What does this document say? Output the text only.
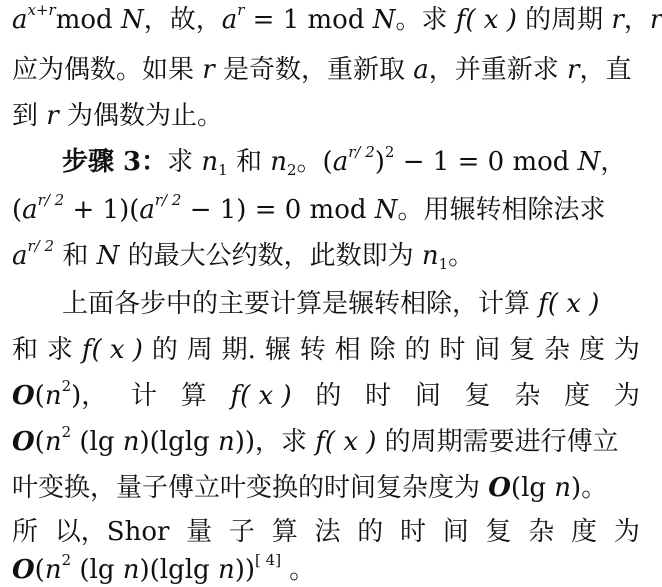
$a^{x+r}mod$ N，故，$a^r = 1$ mod N。求 f( x ) 的周期 r，r
应为偶数。如果 r 是奇数，重新取 a，并重新求 r，直
到 r 为偶数为止。
步骤 3：求 $n_1$ 和 $n_2$。$(a^{r/ 2})^2 - 1 = 0$ mod N，
$(a^{r/ 2} + 1)(a^{r/ 2} - 1) = 0$ mod N。用辗转相除法求
$a^{r/ 2}$ 和 N 的最大公约数，此数即为 $n_1$。
上面各步中的主要计算是辗转相除，计算 f( x )
和 求 f( x ) 的 周 期. 辗 转 相 除 的 时 间 复 杂 度 为
O(n2)， 计 算 f( x ) 的 时 间 复 杂 度 为
$O(n^2$ (lg n)(lglg n))，求 f( x ) 的周期需要进行傅立
叶变换，量子傅立叶变换的时间复杂度为 O(lg n)。
所 以，Shor 量 子 算 法 的 时 间 复 杂 度 为
$O(n^2$ (lg n)(lglg n))[ 4] 。
